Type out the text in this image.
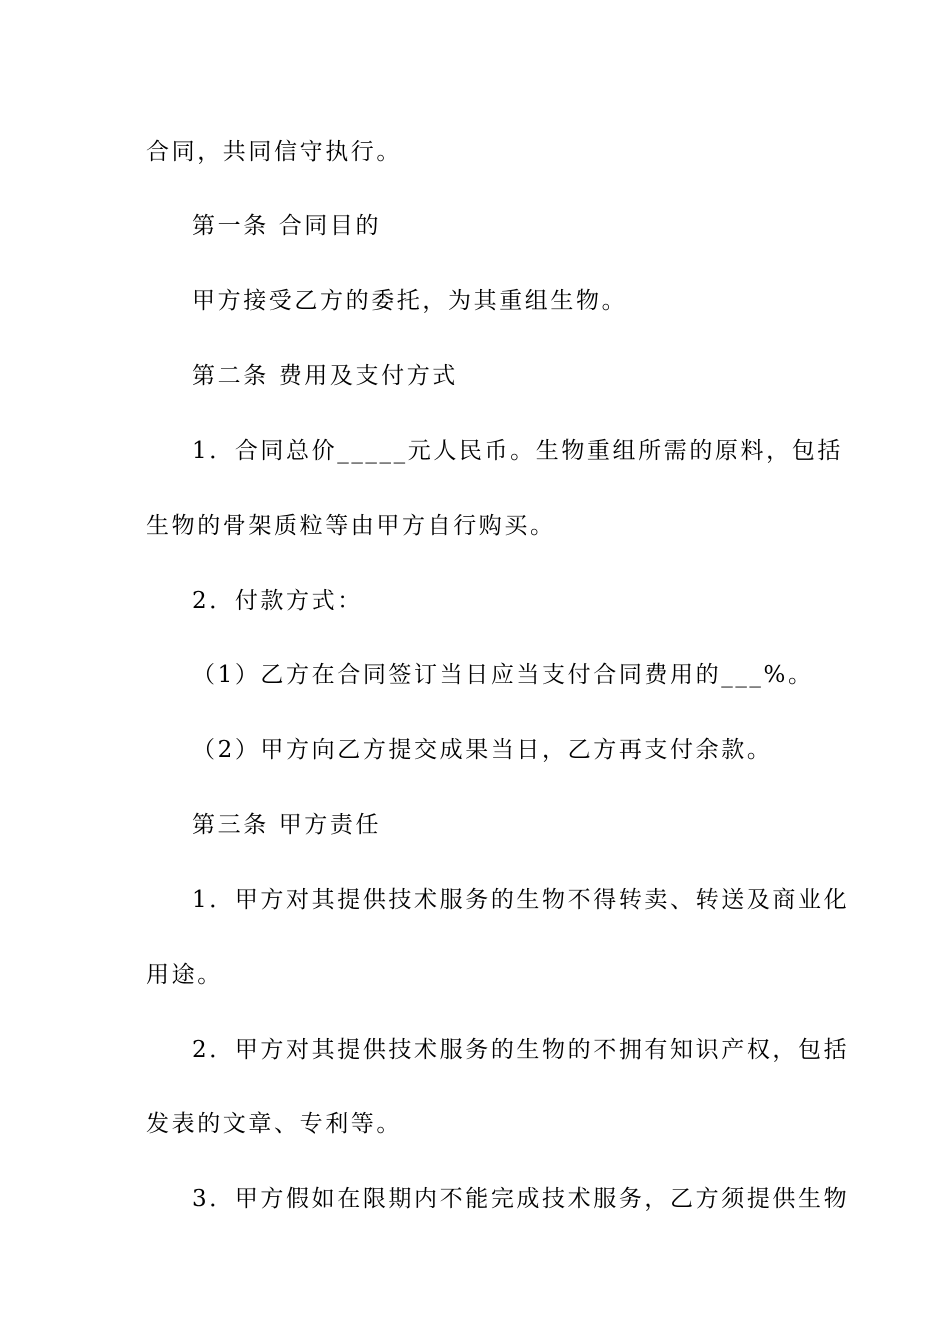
合同，共同信守执行。
第一条 合同目的
甲方接受乙方的委托，为其重组生物。
第二条 费用及支付方式
1．合同总价_____元人民币。生物重组所需的原料，包括
生物的骨架质粒等由甲方自行购买。
2．付款方式：
（1）乙方在合同签订当日应当支付合同费用的___%。
（2）甲方向乙方提交成果当日，乙方再支付余款。
第三条 甲方责任
1．甲方对其提供技术服务的生物不得转卖、转送及商业化
用途。
2．甲方对其提供技术服务的生物的不拥有知识产权，包括
发表的文章、专利等。
3．甲方假如在限期内不能完成技术服务，乙方须提供生物
